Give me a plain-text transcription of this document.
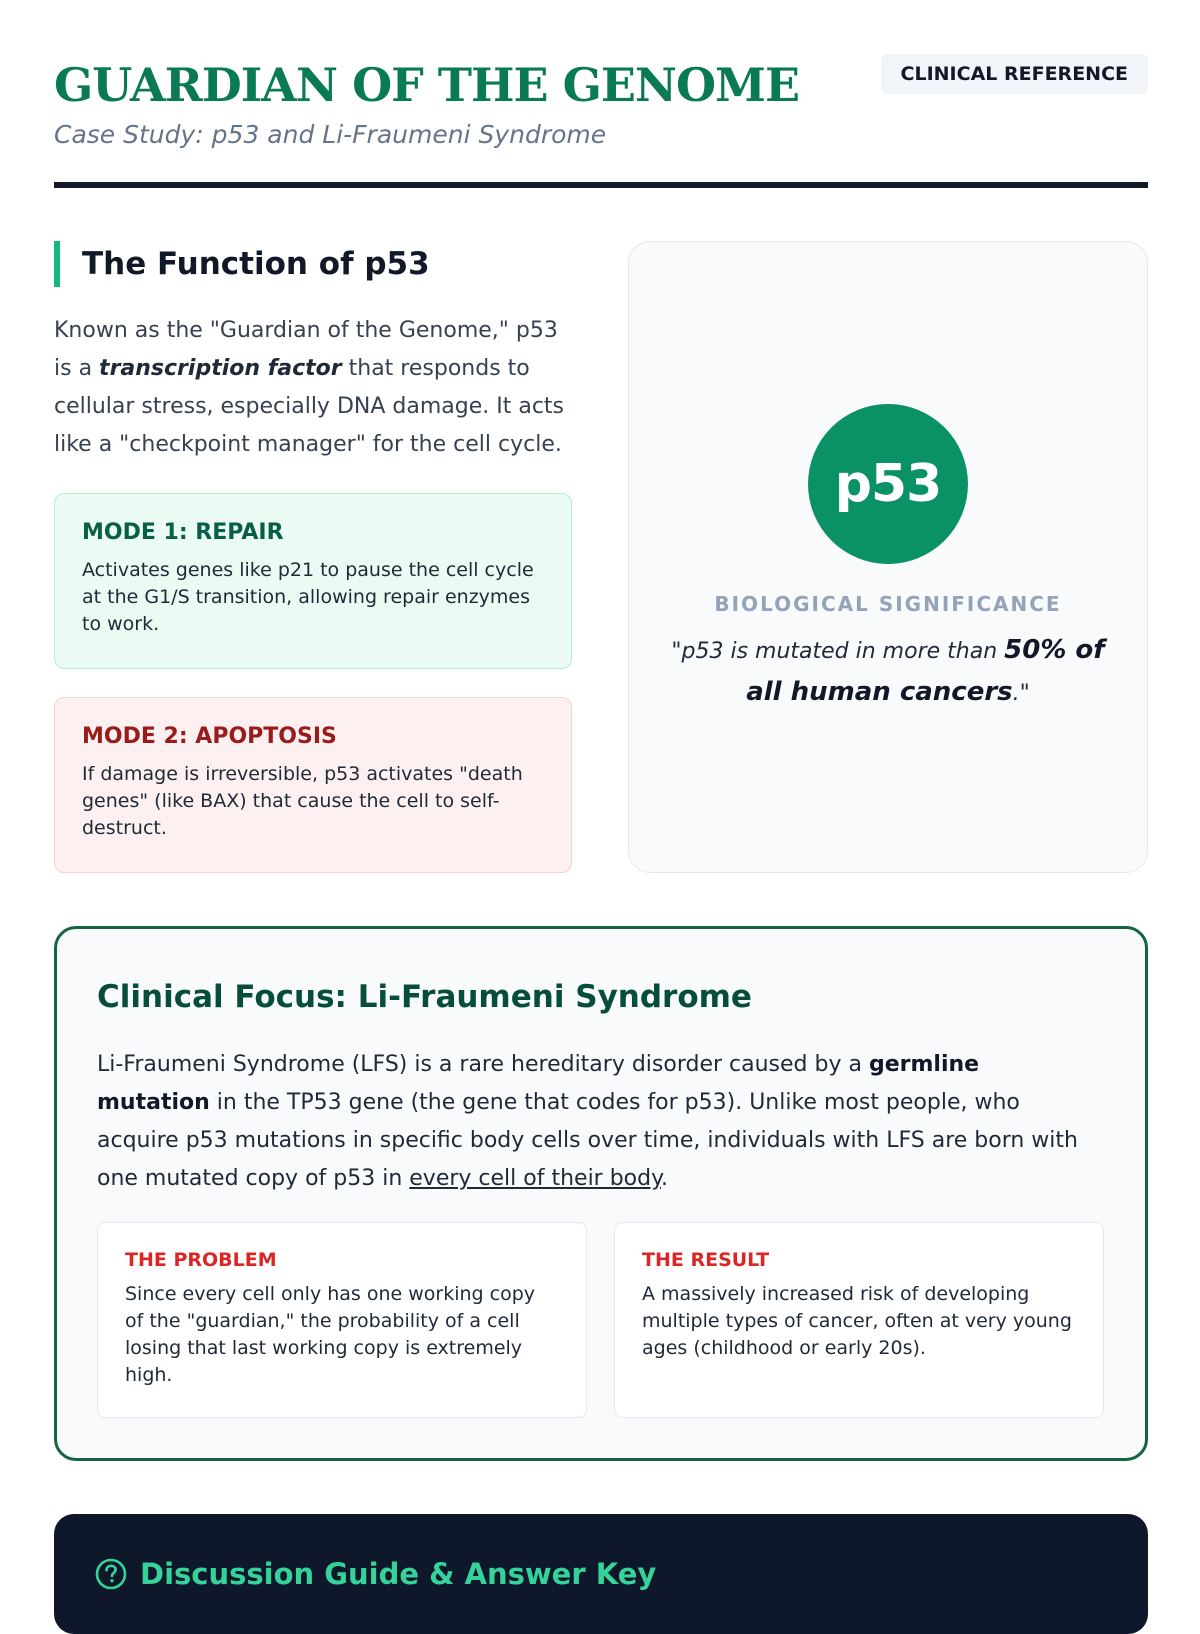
GUARDIAN OF THE GENOME

Case Study: p53 and Li-Fraumeni Syndrome

CLINICAL REFERENCE
The Function of p53

Known as the "Guardian of the Genome," p53 is a transcription factor that responds to cellular stress, especially DNA damage. It acts like a "checkpoint manager" for the cell cycle.

MODE 1: REPAIR

Activates genes like p21 to pause the cell cycle at the G1/S transition, allowing repair enzymes to work.

MODE 2: APOPTOSIS

If damage is irreversible, p53 activates "death genes" (like BAX) that cause the cell to self-destruct.

p53
BIOLOGICAL SIGNIFICANCE

"p53 is mutated in more than 50% of all human cancers."

Clinical Focus: Li-Fraumeni Syndrome

Li-Fraumeni Syndrome (LFS) is a rare hereditary disorder caused by a germline mutation in the TP53 gene (the gene that codes for p53). Unlike most people, who acquire p53 mutations in specific body cells over time, individuals with LFS are born with one mutated copy of p53 in every cell of their body.

THE PROBLEM

Since every cell only has one working copy of the "guardian," the probability of a cell losing that last working copy is extremely high.

THE RESULT

A massively increased risk of developing multiple types of cancer, often at very young ages (childhood or early 20s).

Discussion Guide & Answer Key
